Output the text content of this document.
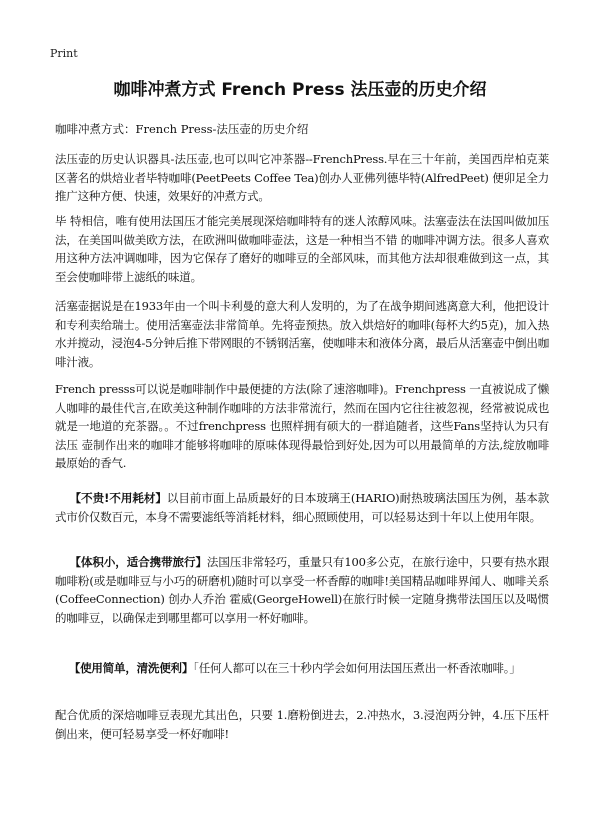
Print
咖啡冲煮方式 French Press 法压壶的历史介绍
咖啡冲煮方式：French Press-法压壶的历史介绍

法压壶的历史认识器具-法压壶,也可以叫它冲茶器--FrenchPress.早在三十年前，美国西岸柏克莱区著名的烘焙业者毕特咖啡(PeetPeets Coffee Tea)创办人亚佛列德毕特(AlfredPeet) 便卯足全力推广这种方便、快速，效果好的冲煮方式。

毕 特相信，唯有使用法国压才能完美展现深焙咖啡特有的迷人浓醇风味。法塞壶法在法国叫做加压法，在美国叫做美欧方法，在欧洲叫做咖啡壶法，这是一种相当不错 的咖啡冲调方法。很多人喜欢用这种方法冲调咖啡，因为它保存了磨好的咖啡豆的全部风味，而其他方法却很难做到这一点，其至会使咖啡带上滤纸的味道。

活塞壶据说是在1933年由一个叫卡利曼的意大利人发明的，为了在战争期间逃离意大利，他把设计和专利卖给瑞士。使用活塞壶法非常简单。先将壶预热。放入烘焙好的咖啡(每杯大约5克)，加入热水并搅动，浸泡4-5分钟后推下带网眼的不锈钢活塞，使咖啡末和液体分离，最后从活塞壶中倒出咖啡汁液。

French presss可以说是咖啡制作中最便捷的方法(除了速溶咖啡)。Frenchpress 一直被说成了懒人咖啡的最佳代言,在欧美这种制作咖啡的方法非常流行，然而在国内它往往被忽视，经常被说成也就是一地道的充茶器。。不过frenchpress 也照样拥有硕大的一群追随者，这些Fans坚持认为只有法压 壶制作出来的咖啡才能够将咖啡的原味体现得最恰到好处,因为可以用最简单的方法,绽放咖啡最原始的香气.

【不贵!不用耗材】以目前市面上品质最好的日本玻璃王(HARIO)耐热玻璃法国压为例，基本款式市价仅数百元，本身不需要滤纸等消耗材料，细心照顾使用，可以轻易达到十年以上使用年限。

【体积小，适合携带旅行】法国压非常轻巧，重量只有100多公克，在旅行途中，只要有热水跟咖啡粉(或是咖啡豆与小巧的研磨机)随时可以享受一杯香醇的咖啡!美国精品咖啡界闻人、咖啡关系(CoffeeConnection) 创办人乔治 霍威(GeorgeHowell)在旅行时候一定随身携带法国压以及喝惯的咖啡豆，以确保走到哪里都可以享用一杯好咖啡。

【使用简单，清洗便利】「任何人都可以在三十秒内学会如何用法国压煮出一杯香浓咖啡。」

配合优质的深焙咖啡豆表现尤其出色，只要 1.磨粉倒进去，2.冲热水，3.浸泡两分钟，4.压下压杆倒出来，便可轻易享受一杯好咖啡!
